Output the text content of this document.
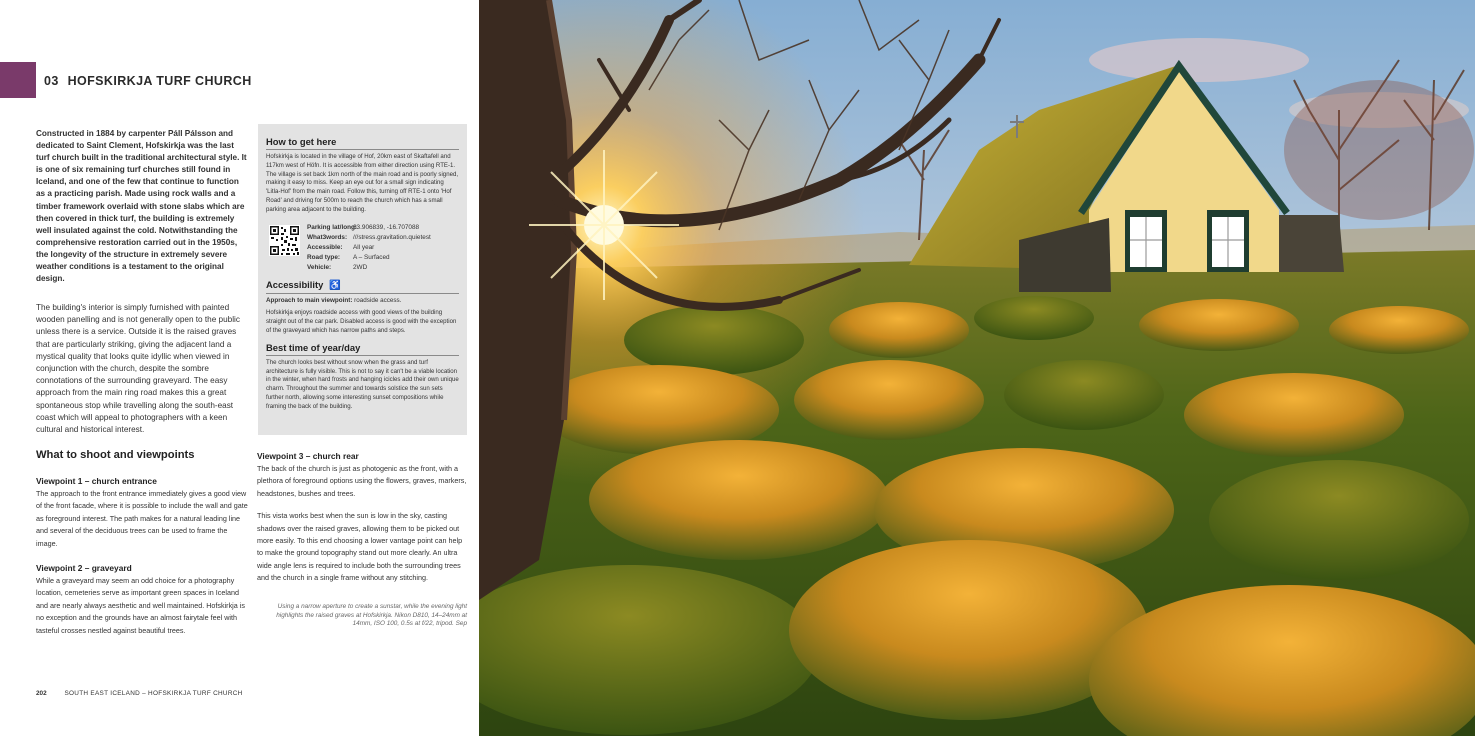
03 HOFSKIRKJA TURF CHURCH

Constructed in 1884 by carpenter Páll Pálsson and dedicated to Saint Clement, Hofskirkja was the last turf church built in the traditional architectural style. It is one of six remaining turf churches still found in Iceland, and one of the few that continue to function as a practicing parish. Made using rock walls and a timber framework overlaid with stone slabs which are then covered in thick turf, the building is extremely well insulated against the cold. Notwithstanding the comprehensive restoration carried out in the 1950s, the longevity of the structure in extremely severe weather conditions is a testament to the original design.

The building's interior is simply furnished with painted wooden panelling and is not generally open to the public unless there is a service. Outside it is the raised graves that are particularly striking, giving the adjacent land a mystical quality that looks quite idyllic when viewed in conjunction with the church, despite the sombre connotations of the surrounding graveyard. The easy approach from the main ring road makes this a great spontaneous stop while travelling along the south-east coast which will appeal to photographers with a keen cultural and historical interest.

How to get here

Hofskirkja is located in the village of Hof, 20km east of Skaftafell and 117km west of Höfn. It is accessible from either direction using RTE-1. The village is set back 1km north of the main road and is poorly signed, making it easy to miss. Keep an eye out for a small sign indicating 'Litla-Hof' from the main road. Follow this, turning off RTE-1 onto 'Hof Road' and driving for 500m to reach the church which has a small parking area adjacent to the building.

Parking lat/long:63.906839, -16.707088
What3words: ///stress.gravitation.quietest
Accessible: All year
Road type: A – Surfaced
Vehicle:	2WD
Accessibility ♿

Approach to main viewpoint: roadside access.

Hofskirkja enjoys roadside access with good views of the building straight out of the car park. Disabled access is good with the exception of the graveyard which has narrow paths and steps.

Best time of year/day

The church looks best without snow when the grass and turf architecture is fully visible. This is not to say it can't be a viable location in the winter, when hard frosts and hanging icicles add their own unique charm. Throughout the summer and towards solstice the sun sets further north, allowing some interesting sunset compositions while framing the back of the building.

What to shoot and viewpoints
Viewpoint 1 – church entrance

The approach to the front entrance immediately gives a good view of the front facade, where it is possible to include the wall and gate as foreground interest. The path makes for a natural leading line and several of the deciduous trees can be used to frame the image.

Viewpoint 2 – graveyard

While a graveyard may seem an odd choice for a photography location, cemeteries serve as important green spaces in Iceland and are nearly always aesthetic and well maintained. Hofskirkja is no exception and the grounds have an almost fairytale feel with tasteful crosses nestled against beautiful trees.

Viewpoint 3 – church rear

The back of the church is just as photogenic as the front, with a plethora of foreground options using the flowers, graves, markers, headstones, bushes and trees.

This vista works best when the sun is low in the sky, casting shadows over the raised graves, allowing them to be picked out more easily. To this end choosing a lower vantage point can help to make the ground topography stand out more clearly. An ultra wide angle lens is required to include both the surrounding trees and the church in a single frame without any stitching.

Using a narrow aperture to create a sunstar, while the evening light highlights the raised graves at Hofskirkja. Nikon D810, 14–24mm at 14mm, ISO 100, 0.5s at f/22, tripod. Sep

202	SOUTH EAST ICELAND – HOFSKIRKJA TURF CHURCH
